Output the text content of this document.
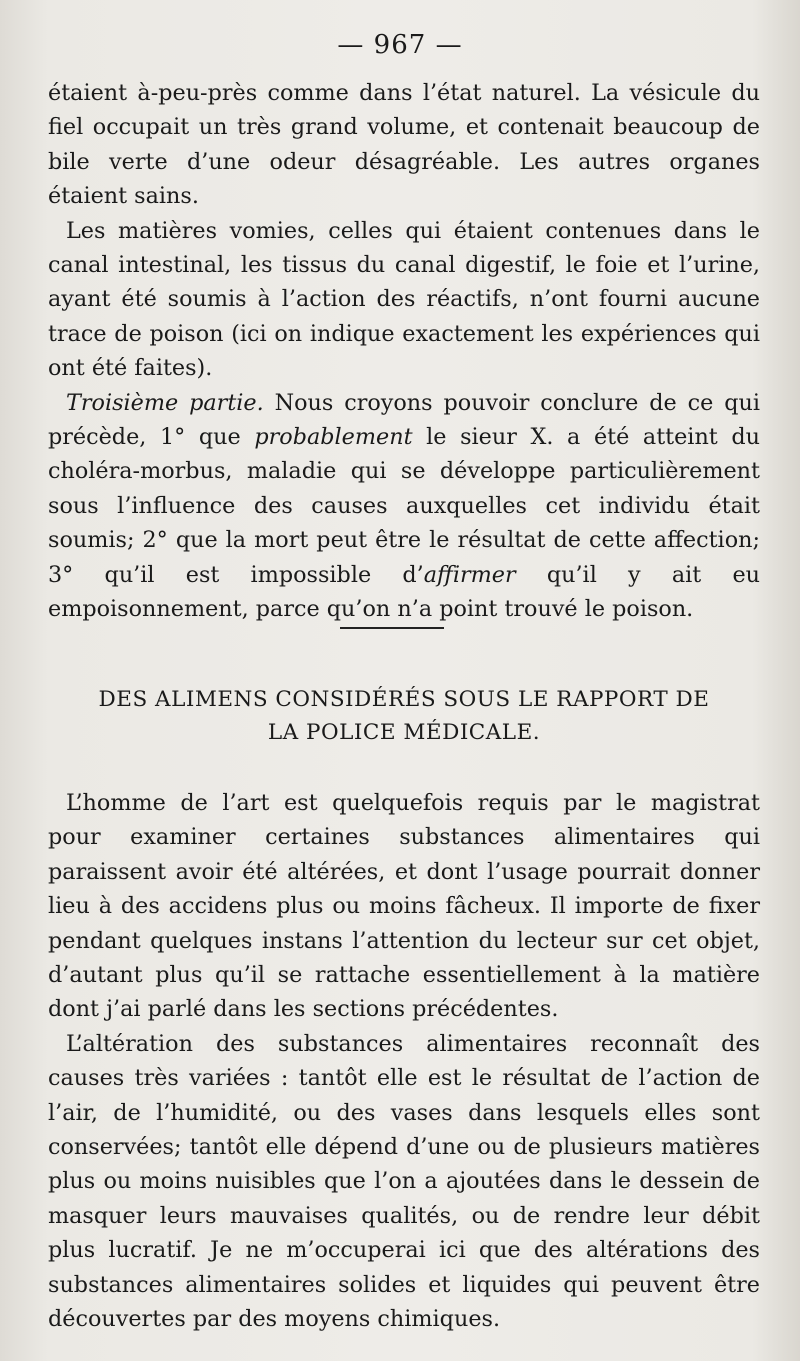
— 967 —

étaient à-peu-près comme dans l’état naturel. La vésicule du fiel occupait un très grand volume, et contenait beaucoup de bile verte d’une odeur désagréable. Les autres organes étaient sains.

Les matières vomies, celles qui étaient contenues dans le canal intestinal, les tissus du canal digestif, le foie et l’urine, ayant été soumis à l’action des réactifs, n’ont fourni aucune trace de poison (ici on indique exactement les expériences qui ont été faites).

Troisième partie. Nous croyons pouvoir conclure de ce qui précède, 1° que probablement le sieur X. a été atteint du choléra-morbus, maladie qui se développe particulièrement sous l’influence des causes auxquelles cet individu était soumis; 2° que la mort peut être le résultat de cette affection; 3° qu’il est impossible d’affirmer qu’il y ait eu empoisonnement, parce qu’on n’a point trouvé le poison.

DES ALIMENS CONSIDÉRÉS SOUS LE RAPPORT DE
LA POLICE MÉDICALE.

L’homme de l’art est quelquefois requis par le magistrat pour examiner certaines substances alimentaires qui paraissent avoir été altérées, et dont l’usage pourrait donner lieu à des accidens plus ou moins fâcheux. Il importe de fixer pendant quelques instans l’attention du lecteur sur cet objet, d’autant plus qu’il se rattache essentiellement à la matière dont j’ai parlé dans les sections précédentes.

L’altération des substances alimentaires reconnaît des causes très variées : tantôt elle est le résultat de l’action de l’air, de l’humidité, ou des vases dans lesquels elles sont conservées; tantôt elle dépend d’une ou de plusieurs matières plus ou moins nuisibles que l’on a ajoutées dans le dessein de masquer leurs mauvaises qualités, ou de rendre leur débit plus lucratif. Je ne m’occuperai ici que des altérations des substances alimentaires solides et liquides qui peuvent être découvertes par des moyens chimiques.
